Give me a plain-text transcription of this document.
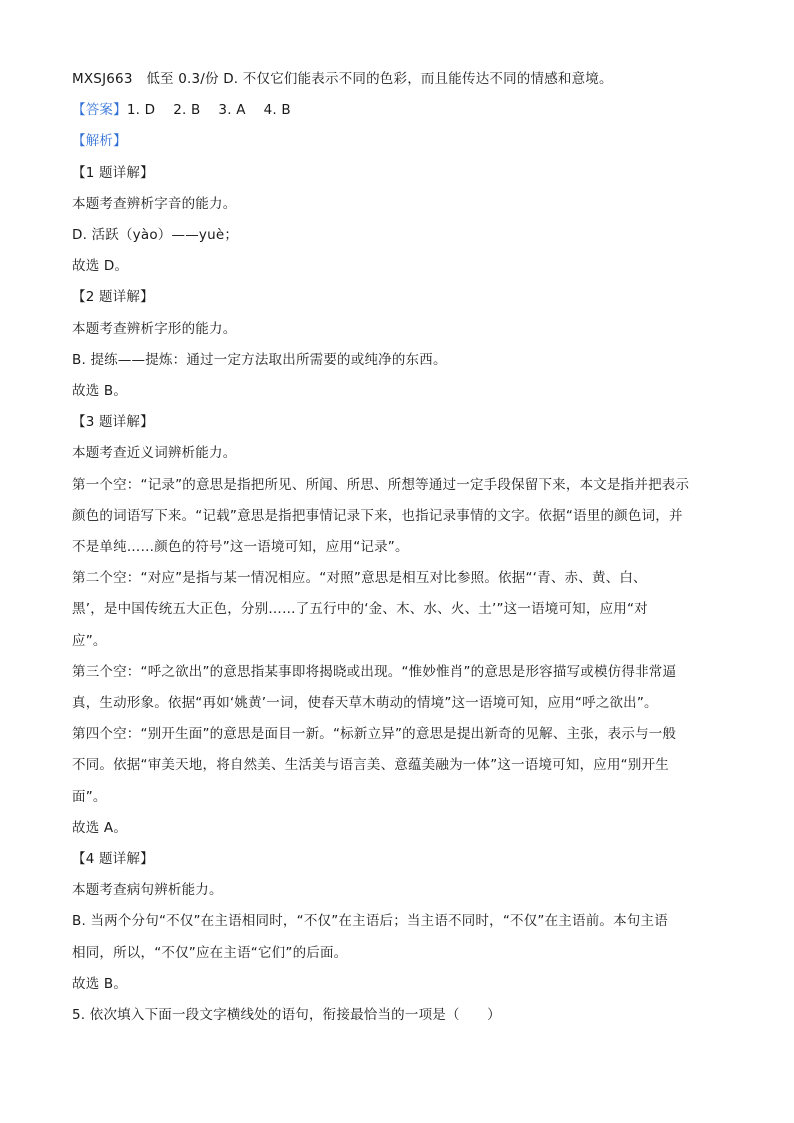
MXSJ663　低至 0.3/份 D. 不仅它们能表示不同的色彩，而且能传达不同的情感和意境。
【答案】1. D 2. B 3. A 4. B
【解析】
【1 题详解】
本题考查辨析字音的能力。
D. 活跃（yào）——yuè；
故选 D。
【2 题详解】
本题考查辨析字形的能力。
B. 提练——提炼：通过一定方法取出所需要的或纯净的东西。
故选 B。
【3 题详解】
本题考查近义词辨析能力。
第一个空：“记录”的意思是指把所见、所闻、所思、所想等通过一定手段保留下来，本文是指并把表示
颜色的词语写下来。“记载”意思是指把事情记录下来，也指记录事情的文字。依据“语里的颜色词，并
不是单纯……颜色的符号”这一语境可知，应用“记录”。
第二个空：“对应”是指与某一情况相应。“对照”意思是相互对比参照。依据“‘青、赤、黄、白、
黑’，是中国传统五大正色，分别……了五行中的‘金、木、水、火、土’”这一语境可知，应用“对
应”。
第三个空：“呼之欲出”的意思指某事即将揭晓或出现。“惟妙惟肖”的意思是形容描写或模仿得非常逼
真，生动形象。依据“再如‘姚黄’一词，使春天草木萌动的情境”这一语境可知，应用“呼之欲出”。
第四个空：“别开生面”的意思是面目一新。“标新立异”的意思是提出新奇的见解、主张，表示与一般
不同。依据“审美天地，将自然美、生活美与语言美、意蕴美融为一体”这一语境可知，应用“别开生
面”。
故选 A。
【4 题详解】
本题考查病句辨析能力。
B. 当两个分句“不仅”在主语相同时，“不仅”在主语后；当主语不同时，“不仅”在主语前。本句主语
相同，所以，“不仅”应在主语“它们”的后面。
故选 B。
5. 依次填入下面一段文字横线处的语句，衔接最恰当的一项是（　　）
